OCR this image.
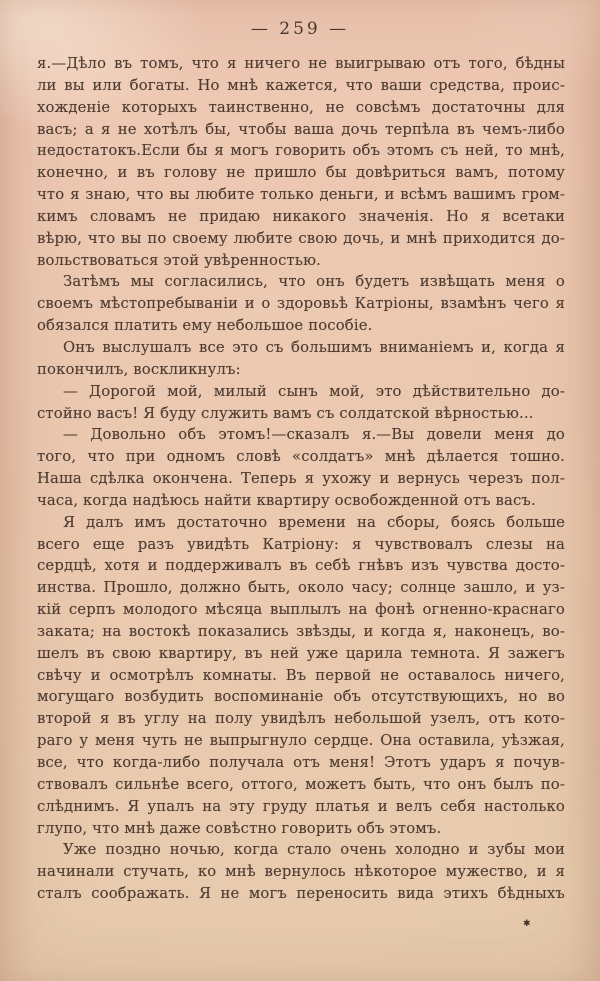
— 259 —
я.—Дѣло въ томъ, что я ничего не выигрываю отъ того, бѣдны
ли вы или богаты. Но мнѣ кажется, что ваши средства, проис-
хожденіе которыхъ таинственно, не совсѣмъ достаточны для
васъ; а я не хотѣлъ бы, чтобы ваша дочь терпѣла въ чемъ-либо
недостатокъ.Если бы я могъ говорить объ этомъ съ ней, то мнѣ,
конечно, и въ голову не пришло бы довѣриться вамъ, потому
что я знаю, что вы любите только деньги, и всѣмъ вашимъ гром-
кимъ словамъ не придаю никакого значенія. Но я всетаки
вѣрю, что вы по своему любите свою дочь, и мнѣ приходится до-
вольствоваться этой увѣренностью.
Затѣмъ мы согласились, что онъ будетъ извѣщать меня о
своемъ мѣстопребываніи и о здоровьѣ Катріоны, взамѣнъ чего я
обязался платить ему небольшое пособіе.
Онъ выслушалъ все это съ большимъ вниманіемъ и, когда я
покончилъ, воскликнулъ:
— Дорогой мой, милый сынъ мой, это дѣйствительно до-
стойно васъ! Я буду служить вамъ съ солдатской вѣрностью...
— Довольно объ этомъ!—сказалъ я.—Вы довели меня до
того, что при одномъ словѣ «солдатъ» мнѣ дѣлается тошно.
Наша сдѣлка окончена. Теперь я ухожу и вернусь черезъ пол-
часа, когда надѣюсь найти квартиру освобожденной отъ васъ.
Я далъ имъ достаточно времени на сборы, боясь больше
всего еще разъ увидѣть Катріону: я чувствовалъ слезы на
сердцѣ, хотя и поддерживалъ въ себѣ гнѣвъ изъ чувства досто-
инства. Прошло, должно быть, около часу; солнце зашло, и уз-
кій серпъ молодого мѣсяца выплылъ на фонѣ огненно-краснаго
заката; на востокѣ показались звѣзды, и когда я, наконецъ, во-
шелъ въ свою квартиру, въ ней уже царила темнота. Я зажегъ
свѣчу и осмотрѣлъ комнаты. Въ первой не оставалось ничего,
могущаго возбудить воспоминаніе объ отсутствующихъ, но во
второй я въ углу на полу увидѣлъ небольшой узелъ, отъ кото-
раго у меня чуть не выпрыгнуло сердце. Она оставила, уѣзжая,
все, что когда-либо получала отъ меня! Этотъ ударъ я почув-
ствовалъ сильнѣе всего, оттого, можетъ быть, что онъ былъ по-
слѣднимъ. Я упалъ на эту груду платья и велъ себя настолько
глупо, что мнѣ даже совѣстно говорить объ этомъ.
Уже поздно ночью, когда стало очень холодно и зубы мои
начинали стучать, ко мнѣ вернулось нѣкоторое мужество, и я
сталъ соображать. Я не могъ переносить вида этихъ бѣдныхъ
✱
